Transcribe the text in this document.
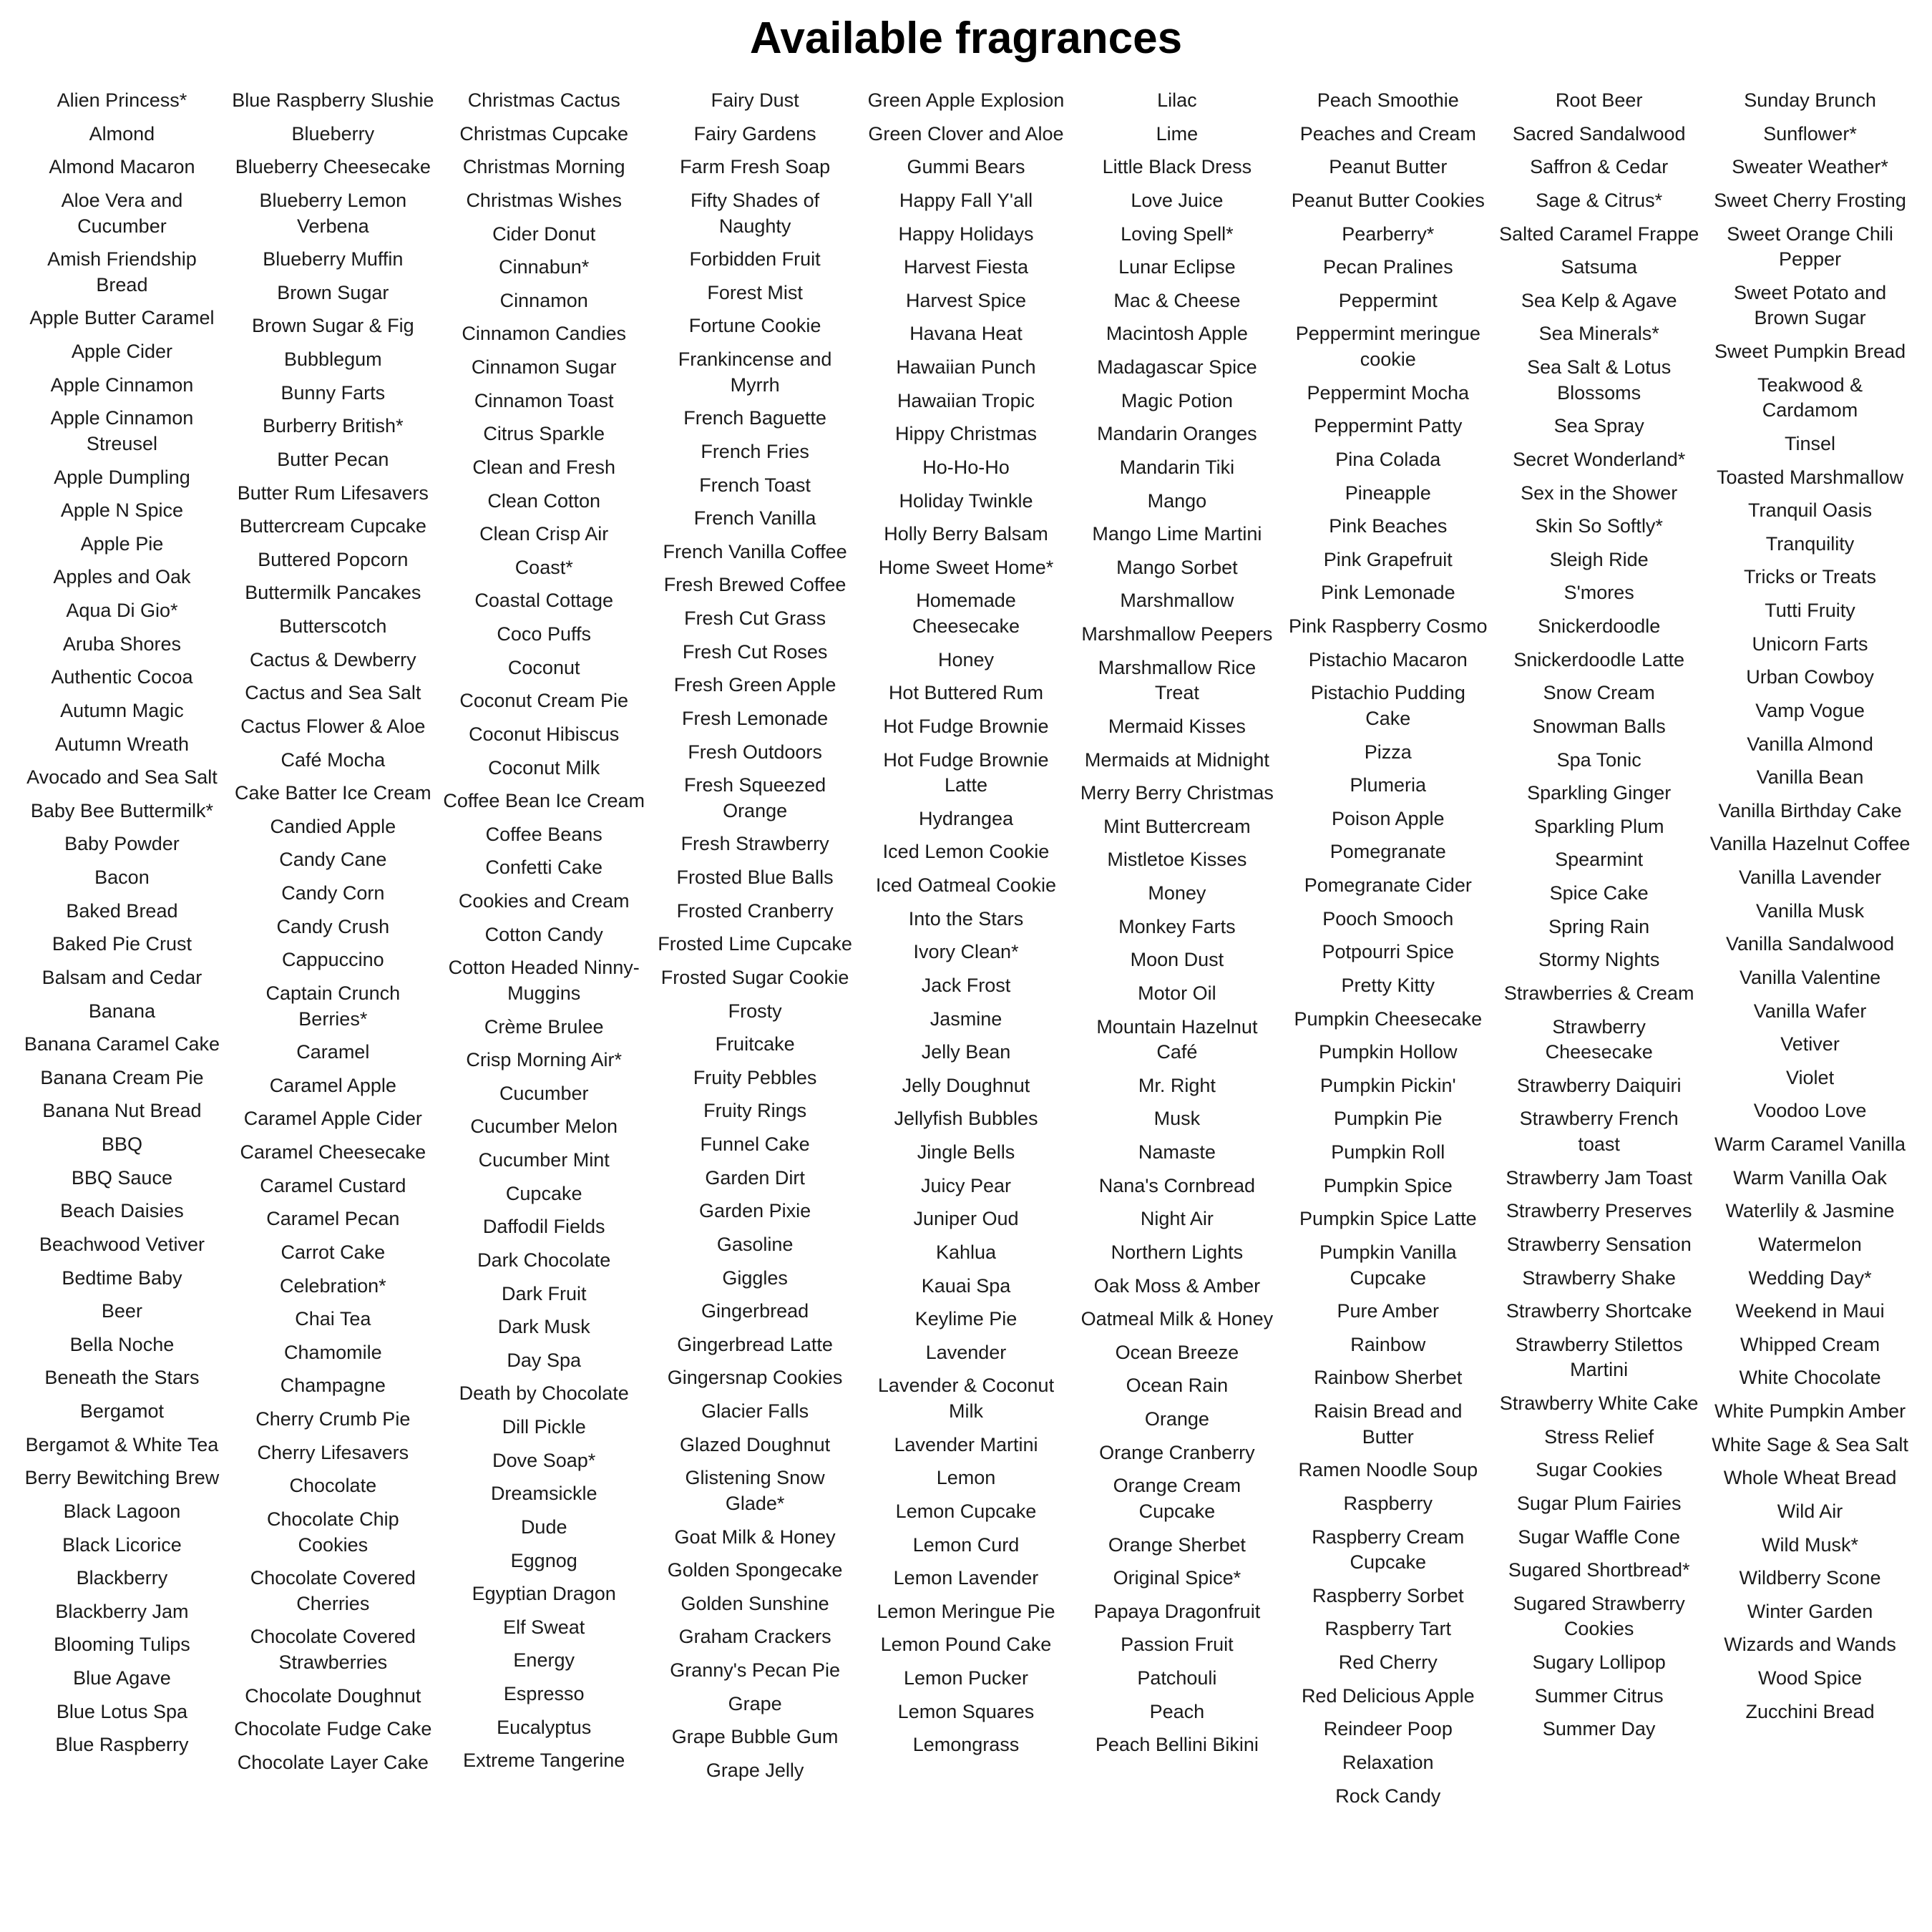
Available fragrances
Alien Princess*
Almond
Almond Macaron
Aloe Vera and Cucumber
Amish Friendship Bread
Apple Butter Caramel
Apple Cider
Apple Cinnamon
Apple Cinnamon Streusel
Apple Dumpling
Apple N Spice
Apple Pie
Apples and Oak
Aqua Di Gio*
Aruba Shores
Authentic Cocoa
Autumn Magic
Autumn Wreath
Avocado and Sea Salt
Baby Bee Buttermilk*
Baby Powder
Bacon
Baked Bread
Baked Pie Crust
Balsam and Cedar
Banana
Banana Caramel Cake
Banana Cream Pie
Banana Nut Bread
BBQ
BBQ Sauce
Beach Daisies
Beachwood Vetiver
Bedtime Baby
Beer
Bella Noche
Beneath the Stars
Bergamot
Bergamot & White Tea
Berry Bewitching Brew
Black Lagoon
Black Licorice
Blackberry
Blackberry Jam
Blooming Tulips
Blue Agave
Blue Lotus Spa
Blue Raspberry
Blue Raspberry Slushie
Blueberry
Blueberry Cheesecake
Blueberry Lemon Verbena
Blueberry Muffin
Brown Sugar
Brown Sugar & Fig
Bubblegum
Bunny Farts
Burberry British*
Butter Pecan
Butter Rum Lifesavers
Buttercream Cupcake
Buttered Popcorn
Buttermilk Pancakes
Butterscotch
Cactus & Dewberry
Cactus and Sea Salt
Cactus Flower & Aloe
Café Mocha
Cake Batter Ice Cream
Candied Apple
Candy Cane
Candy Corn
Candy Crush
Cappuccino
Captain Crunch Berries*
Caramel
Caramel Apple
Caramel Apple Cider
Caramel Cheesecake
Caramel Custard
Caramel Pecan
Carrot Cake
Celebration*
Chai Tea
Chamomile
Champagne
Cherry Crumb Pie
Cherry Lifesavers
Chocolate
Chocolate Chip Cookies
Chocolate Covered Cherries
Chocolate Covered Strawberries
Chocolate Doughnut
Chocolate Fudge Cake
Chocolate Layer Cake
Christmas Cactus
Christmas Cupcake
Christmas Morning
Christmas Wishes
Cider Donut
Cinnabun*
Cinnamon
Cinnamon Candies
Cinnamon Sugar
Cinnamon Toast
Citrus Sparkle
Clean and Fresh
Clean Cotton
Clean Crisp Air
Coast*
Coastal Cottage
Coco Puffs
Coconut
Coconut Cream Pie
Coconut Hibiscus
Coconut Milk
Coffee Bean Ice Cream
Coffee Beans
Confetti Cake
Cookies and Cream
Cotton Candy
Cotton Headed Ninny-Muggins
Crème Brulee
Crisp Morning Air*
Cucumber
Cucumber Melon
Cucumber Mint
Cupcake
Daffodil Fields
Dark Chocolate
Dark Fruit
Dark Musk
Day Spa
Death by Chocolate
Dill Pickle
Dove Soap*
Dreamsickle
Dude
Eggnog
Egyptian Dragon
Elf Sweat
Energy
Espresso
Eucalyptus
Extreme Tangerine
Fairy Dust
Fairy Gardens
Farm Fresh Soap
Fifty Shades of Naughty
Forbidden Fruit
Forest Mist
Fortune Cookie
Frankincense and Myrrh
French Baguette
French Fries
French Toast
French Vanilla
French Vanilla Coffee
Fresh Brewed Coffee
Fresh Cut Grass
Fresh Cut Roses
Fresh Green Apple
Fresh Lemonade
Fresh Outdoors
Fresh Squeezed Orange
Fresh Strawberry
Frosted Blue Balls
Frosted Cranberry
Frosted Lime Cupcake
Frosted Sugar Cookie
Frosty
Fruitcake
Fruity Pebbles
Fruity Rings
Funnel Cake
Garden Dirt
Garden Pixie
Gasoline
Giggles
Gingerbread
Gingerbread Latte
Gingersnap Cookies
Glacier Falls
Glazed Doughnut
Glistening Snow Glade*
Goat Milk & Honey
Golden Spongecake
Golden Sunshine
Graham Crackers
Granny's Pecan Pie
Grape
Grape Bubble Gum
Grape Jelly
Green Apple Explosion
Green Clover and Aloe
Gummi Bears
Happy Fall Y'all
Happy Holidays
Harvest Fiesta
Harvest Spice
Havana Heat
Hawaiian Punch
Hawaiian Tropic
Hippy Christmas
Ho-Ho-Ho
Holiday Twinkle
Holly Berry Balsam
Home Sweet Home*
Homemade Cheesecake
Honey
Hot Buttered Rum
Hot Fudge Brownie
Hot Fudge Brownie Latte
Hydrangea
Iced Lemon Cookie
Iced Oatmeal Cookie
Into the Stars
Ivory Clean*
Jack Frost
Jasmine
Jelly Bean
Jelly Doughnut
Jellyfish Bubbles
Jingle Bells
Juicy Pear
Juniper Oud
Kahlua
Kauai Spa
Keylime Pie
Lavender
Lavender & Coconut Milk
Lavender Martini
Lemon
Lemon Cupcake
Lemon Curd
Lemon Lavender
Lemon Meringue Pie
Lemon Pound Cake
Lemon Pucker
Lemon Squares
Lemongrass
Lilac
Lime
Little Black Dress
Love Juice
Loving Spell*
Lunar Eclipse
Mac & Cheese
Macintosh Apple
Madagascar Spice
Magic Potion
Mandarin Oranges
Mandarin Tiki
Mango
Mango Lime Martini
Mango Sorbet
Marshmallow
Marshmallow Peepers
Marshmallow Rice Treat
Mermaid Kisses
Mermaids at Midnight
Merry Berry Christmas
Mint Buttercream
Mistletoe Kisses
Money
Monkey Farts
Moon Dust
Motor Oil
Mountain Hazelnut Café
Mr. Right
Musk
Namaste
Nana's Cornbread
Night Air
Northern Lights
Oak Moss & Amber
Oatmeal Milk & Honey
Ocean Breeze
Ocean Rain
Orange
Orange Cranberry
Orange Cream Cupcake
Orange Sherbet
Original Spice*
Papaya Dragonfruit
Passion Fruit
Patchouli
Peach
Peach Bellini Bikini
Peach Smoothie
Peaches and Cream
Peanut Butter
Peanut Butter Cookies
Pearberry*
Pecan Pralines
Peppermint
Peppermint meringue cookie
Peppermint Mocha
Peppermint Patty
Pina Colada
Pineapple
Pink Beaches
Pink Grapefruit
Pink Lemonade
Pink Raspberry Cosmo
Pistachio Macaron
Pistachio Pudding Cake
Pizza
Plumeria
Poison Apple
Pomegranate
Pomegranate Cider
Pooch Smooch
Potpourri Spice
Pretty Kitty
Pumpkin Cheesecake
Pumpkin Hollow
Pumpkin Pickin'
Pumpkin Pie
Pumpkin Roll
Pumpkin Spice
Pumpkin Spice Latte
Pumpkin Vanilla Cupcake
Pure Amber
Rainbow
Rainbow Sherbet
Raisin Bread and Butter
Ramen Noodle Soup
Raspberry
Raspberry Cream Cupcake
Raspberry Sorbet
Raspberry Tart
Red Cherry
Red Delicious Apple
Reindeer Poop
Relaxation
Rock Candy
Root Beer
Sacred Sandalwood
Saffron & Cedar
Sage & Citrus*
Salted Caramel Frappe
Satsuma
Sea Kelp & Agave
Sea Minerals*
Sea Salt & Lotus Blossoms
Sea Spray
Secret Wonderland*
Sex in the Shower
Skin So Softly*
Sleigh Ride
S'mores
Snickerdoodle
Snickerdoodle Latte
Snow Cream
Snowman Balls
Spa Tonic
Sparkling Ginger
Sparkling Plum
Spearmint
Spice Cake
Spring Rain
Stormy Nights
Strawberries & Cream
Strawberry Cheesecake
Strawberry Daiquiri
Strawberry French toast
Strawberry Jam Toast
Strawberry Preserves
Strawberry Sensation
Strawberry Shake
Strawberry Shortcake
Strawberry Stilettos Martini
Strawberry White Cake
Stress Relief
Sugar Cookies
Sugar Plum Fairies
Sugar Waffle Cone
Sugared Shortbread*
Sugared Strawberry Cookies
Sugary Lollipop
Summer Citrus
Summer Day
Sunday Brunch
Sunflower*
Sweater Weather*
Sweet Cherry Frosting
Sweet Orange Chili Pepper
Sweet Potato and Brown Sugar
Sweet Pumpkin Bread
Teakwood & Cardamom
Tinsel
Toasted Marshmallow
Tranquil Oasis
Tranquility
Tricks or Treats
Tutti Fruity
Unicorn Farts
Urban Cowboy
Vamp Vogue
Vanilla Almond
Vanilla Bean
Vanilla Birthday Cake
Vanilla Hazelnut Coffee
Vanilla Lavender
Vanilla Musk
Vanilla Sandalwood
Vanilla Valentine
Vanilla Wafer
Vetiver
Violet
Voodoo Love
Warm Caramel Vanilla
Warm Vanilla Oak
Waterlily & Jasmine
Watermelon
Wedding Day*
Weekend in Maui
Whipped Cream
White Chocolate
White Pumpkin Amber
White Sage & Sea Salt
Whole Wheat Bread
Wild Air
Wild Musk*
Wildberry Scone
Winter Garden
Wizards and Wands
Wood Spice
Zucchini Bread
